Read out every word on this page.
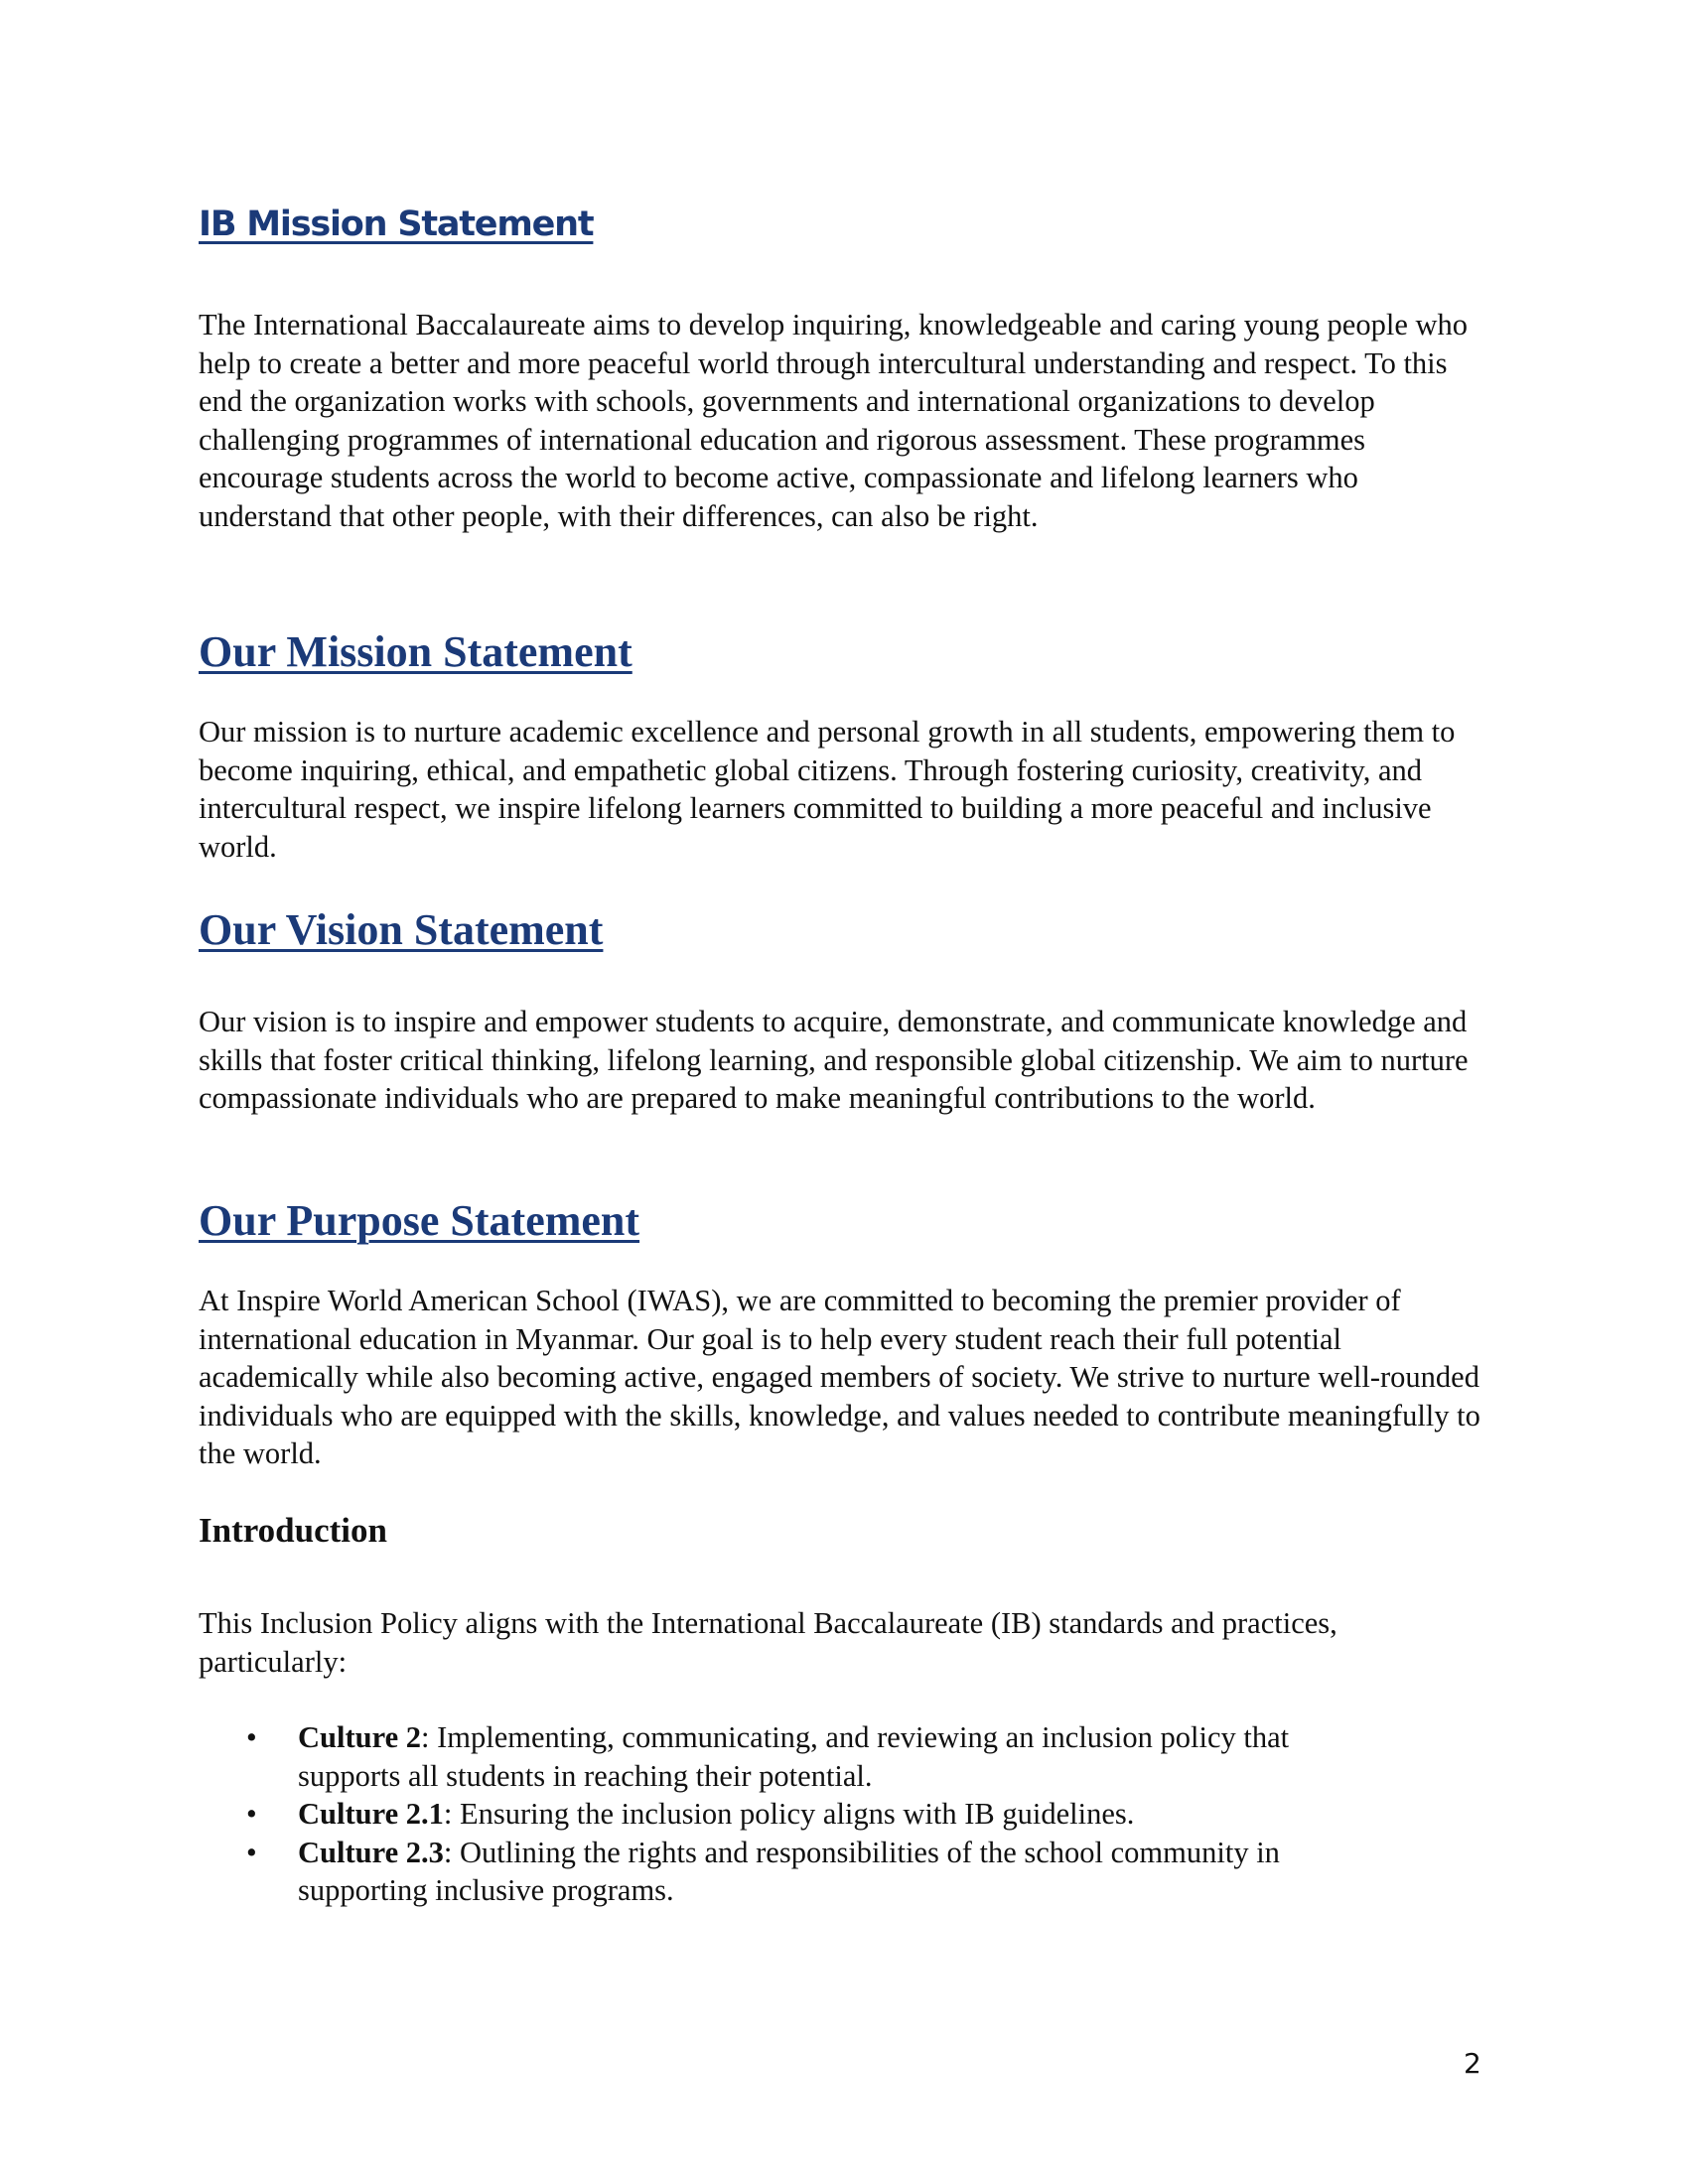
IB Mission Statement

The International Baccalaureate aims to develop inquiring, knowledgeable and caring young people who help to create a better and more peaceful world through intercultural understanding and respect. To this end the organization works with schools, governments and international organizations to develop challenging programmes of international education and rigorous assessment. These programmes encourage students across the world to become active, compassionate and lifelong learners who understand that other people, with their differences, can also be right.

Our Mission Statement

Our mission is to nurture academic excellence and personal growth in all students, empowering them to become inquiring, ethical, and empathetic global citizens. Through fostering curiosity, creativity, and intercultural respect, we inspire lifelong learners committed to building a more peaceful and inclusive world.

Our Vision Statement

Our vision is to inspire and empower students to acquire, demonstrate, and communicate knowledge and skills that foster critical thinking, lifelong learning, and responsible global citizenship. We aim to nurture compassionate individuals who are prepared to make meaningful contributions to the world.

Our Purpose Statement

At Inspire World American School (IWAS), we are committed to becoming the premier provider of international education in Myanmar. Our goal is to help every student reach their full potential academically while also becoming active, engaged members of society. We strive to nurture well-rounded individuals who are equipped with the skills, knowledge, and values needed to contribute meaningfully to the world.

Introduction

This Inclusion Policy aligns with the International Baccalaureate (IB) standards and practices, particularly:

• Culture 2: Implementing, communicating, and reviewing an inclusion policy that supports all students in reaching their potential.
• Culture 2.1: Ensuring the inclusion policy aligns with IB guidelines.
• Culture 2.3: Outlining the rights and responsibilities of the school community in supporting inclusive programs.
2
